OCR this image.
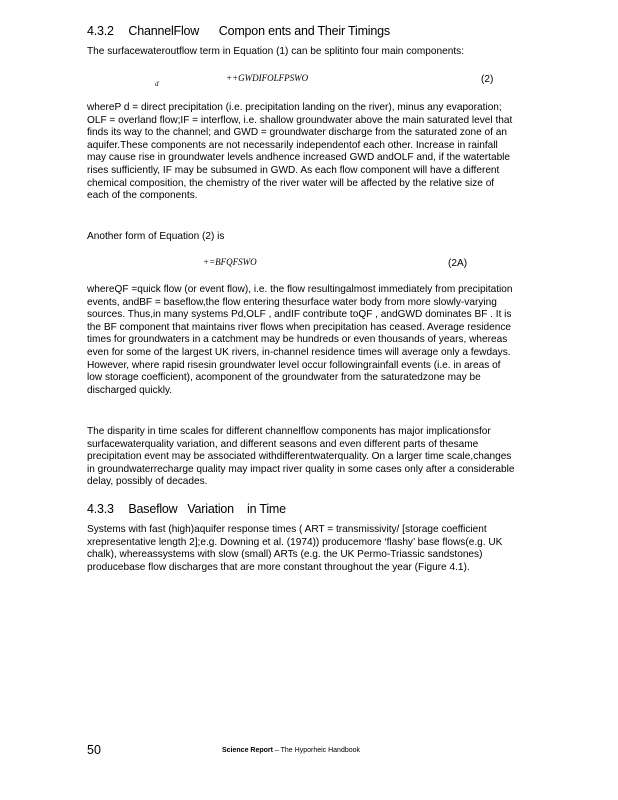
4.3.2 ChannelFlow      Compon ents and Their Timings
The surfacewateroutflow term in Equation (1) can be splitinto four main components:
d
++GWDIFOLFPSWO	(2)
whereP d = direct precipitation (i.e. precipitation landing on the river), minus any evaporation; OLF = overland flow;IF = interflow, i.e. shallow groundwater above the main saturated level that finds its way to the channel; and GWD = groundwater discharge from the saturated zone of an aquifer.These components are not necessarily independentof each other. Increase in rainfall may cause rise in groundwater levels andhence increased GWD andOLF and, if the watertable rises sufficiently, IF may be subsumed in GWD. As each flow component will have a different chemical composition, the chemistry of the river water will be affected by the relative size of each of the components.
Another form of Equation (2) is
+=BFQFSWO	(2A)
whereQF =quick flow (or event flow), i.e. the flow resultingalmost immediately from precipitation events, andBF = baseflow,the flow entering thesurface water body from more slowly-varying sources. Thus,in many systems Pd,OLF , andIF contribute toQF , andGWD dominates BF . It is the BF component that maintains river flows when precipitation has ceased. Average residence times for groundwaters in a catchment may be hundreds or even thousands of years, whereas even for some of the largest UK rivers, in-channel residence times will average only a fewdays. However, where rapid risesin groundwater level occur followingrainfall events (i.e. in areas of low storage coefficient), acomponent of the groundwater from the saturatedzone may be discharged quickly.
The disparity in time scales for different channelflow components has major implicationsfor surfacewaterquality variation, and different seasons and even different parts of thesame precipitation event may be associated withdifferentwaterquality. On a larger time scale,changes in groundwaterrecharge quality may impact river quality in some cases only after a considerable delay, possibly of decades.
4.3.3 Baseflow   Variation    in Time
Systems with fast (high)aquifer response times ( ART = transmissivity/ [storage coefficient xrepresentative length 2];e.g. Downing et al. (1974)) producemore ‘flashy’ base flows(e.g. UK chalk), whereassystems with slow (small) ARTs (e.g. the UK Permo-Triassic sandstones) producebase flow discharges that are more constant throughout the year (Figure 4.1).
50	Science Report – The Hyporheic Handbook
